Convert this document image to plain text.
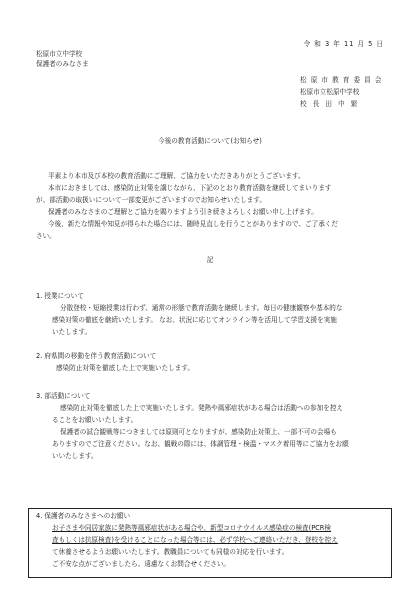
令 和 3 年 11 月 5 日
松原市立中学校
保護者のみなさま
松 原 市 教 育 委 員 会
松原市立松原中学校
校 長 田 中 繁
今後の教育活動について(お知らせ)
平素より本市及び本校の教育活動にご理解、ご協力をいただきありがとうございます。
本市におきましては、感染防止対策を講じながら、下記のとおり教育活動を継続してまいります
が、部活動の取扱いについて一部変更がございますのでお知らせいたします。
保護者のみなさまのご理解とご協力を賜りますよう引き続きよろしくお願い申し上げます。
今後、新たな情報や知見が得られた場合には、随時見直しを行うことがありますので、ご了承くだ
さい。
記
1. 授業について
分散登校・短縮授業は行わず、通常の形態で教育活動を継続します。毎日の健康観察や基本的な
感染対策の徹底を継続いたします。 なお、状況に応じてオンライン等を活用して学習支援を実施
いたします。
2. 府県間の移動を伴う教育活動について
感染防止対策を徹底した上で実施いたします。
3. 部活動について
感染防止対策を徹底した上で実施いたします。発熱や風邪症状がある場合は活動への参加を控え
ることをお願いいたします。
保護者の試合観戦等につきましては原則可となりますが、感染防止対策上、一部不可の会場も
ありますのでご注意ください。なお、観戦の際には、体調管理・検温・マスク着用等にご協力をお願
いいたします。
4. 保護者のみなさまへのお願い
お子さまや同居家族に発熱等風邪症状がある場合や、新型コロナウイルス感染症の検査(PCR検
査もしくは抗原検査)を受けることになった場合等には、必ず学校へご連絡いただき、登校を控え
て休養させるようお願いいたします。教職員についても同様の対応を行います。
ご不安な点がございましたら、遠慮なくお問合せください。
